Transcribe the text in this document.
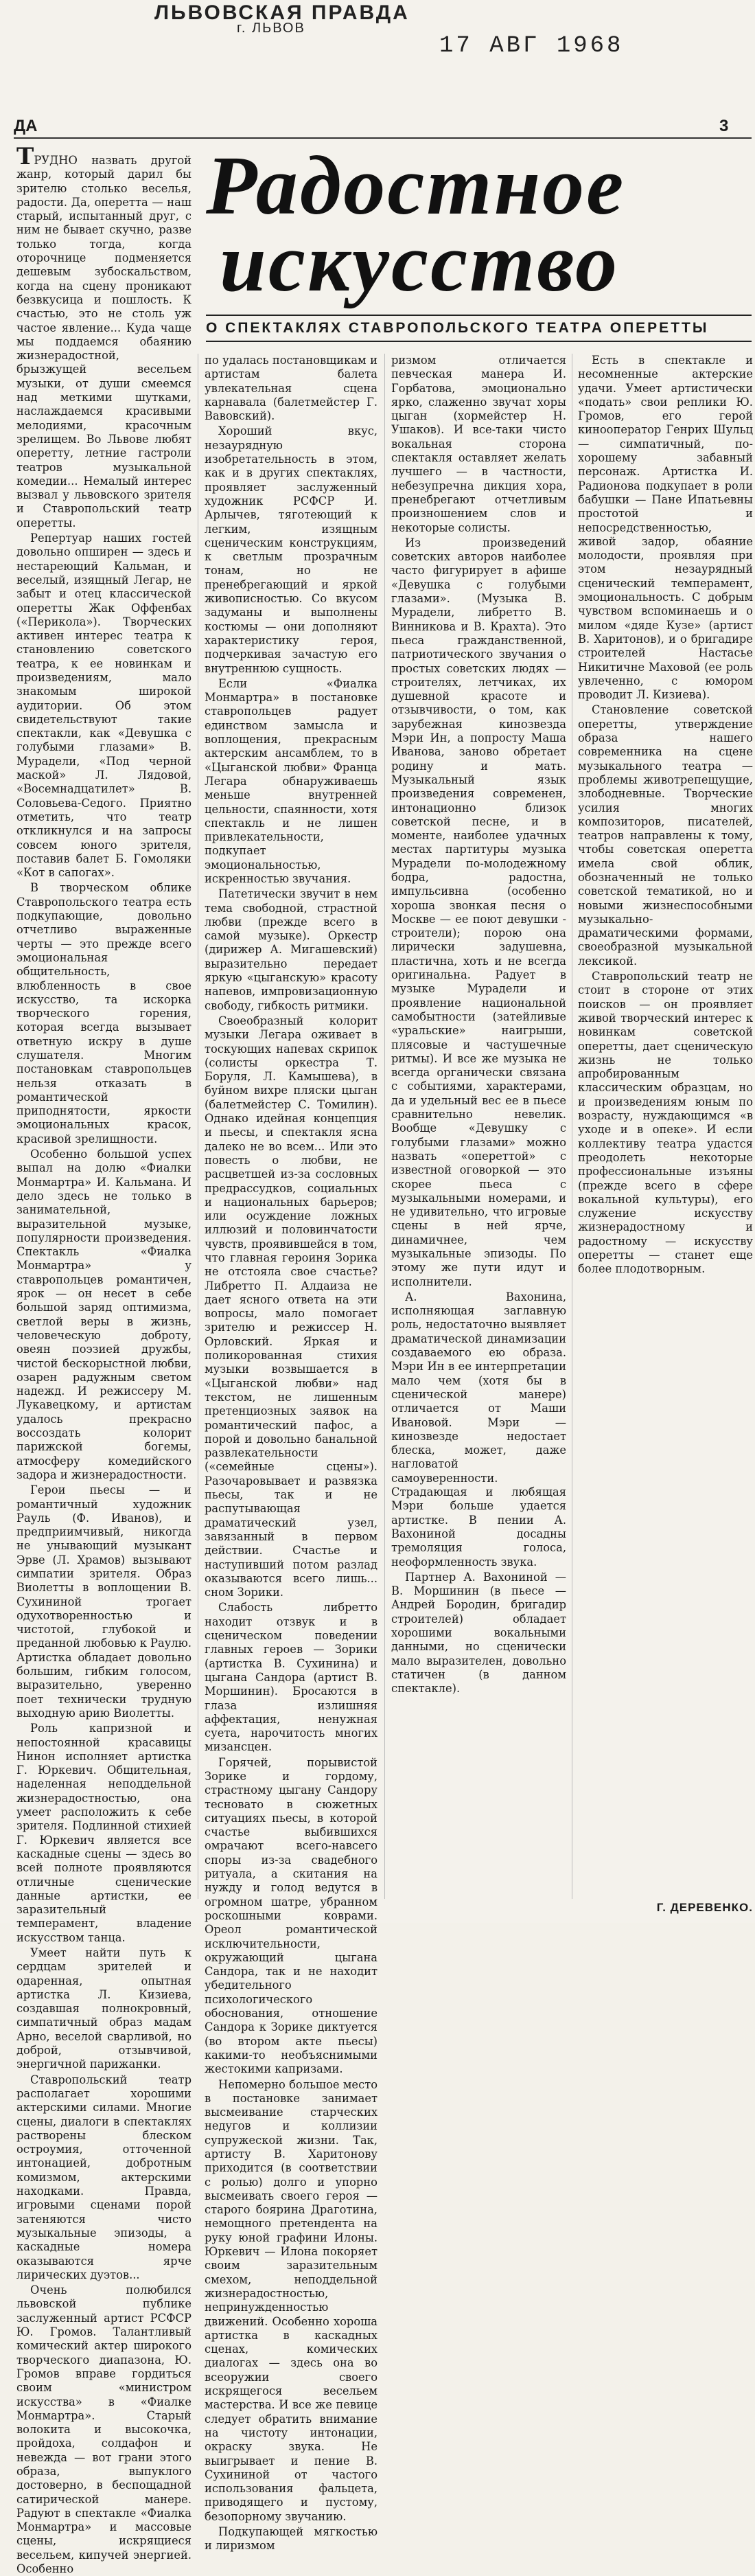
ЛЬВОВСКАЯ ПРАВДА
г. ЛЬВОВ
17 АВГ 1968
ДА	3
Радостное
искусство
О СПЕКТАКЛЯХ СТАВРОПОЛЬСКОГО ТЕАТРА ОПЕРЕТТЫ

ТРУДНО назвать другой жанр, который дарил бы зрителю столько веселья, радости. Да, оперетта — наш старый, испытанный друг, с ним не бывает скучно, разве только тогда, когда оторочнице подменяется дешевым зубоскальством, когда на сцену проникают безвкусица и пошлость. К счастью, это не столь уж частое явление... Куда чаще мы поддаемся обаянию жизнерадостной, брызжущей весельем музыки, от души смеемся над меткими шутками, наслаждаемся красивыми мелодиями, красочным зрелищем. Во Львове любят оперетту, летние гастроли театров музыкальной комедии... Немалый интерес вызвал у львовского зрителя и Ставропольский театр оперетты.

Репертуар наших гостей довольно опширен — здесь и нестареющий Кальман, и веселый, изящный Легар, не забыт и отец классической оперетты Жак Оффенбах («Перикола»). Творческих активен интерес театра к становлению советского театра, к ее новинкам и произведениям, мало знакомым широкой аудитории. Об этом свидетельствуют такие спектакли, как «Девушка с голубыми глазами» В. Мурадели, «Под черной маской» Л. Лядовой, «Восемнадцатилет» В. Соловьева-Седого. Приятно отметить, что театр откликнулся и на запросы совсем юного зрителя, поставив балет Б. Гомоляки «Кот в сапогах».

В творческом облике Ставропольского театра есть подкупающие, довольно отчетливо выраженные черты — это прежде всего эмоциональная общительность, влюбленность в свое искусство, та искорка творческого горения, которая всегда вызывает ответную искру в душе слушателя. Многим постановкам ставропольцев нельзя отказать в романтической приподнятости, яркости эмоциональных красок, красивой зрелищности.

Особенно большой успех выпал на долю «Фиалки Монмартра» И. Кальмана. И дело здесь не только в занимательной, выразительной музыке, популярности произведения. Спектакль «Фиалка Монмартра» у ставропольцев романтичен, ярок — он несет в себе большой заряд оптимизма, светлой веры в жизнь, человеческую доброту, овеян поэзией дружбы, чистой бескорыстной любви, озарен радужным светом надежд. И режиссеру М. Лукавецкому, и артистам удалось прекрасно воссоздать колорит парижской богемы, атмосферу комедийского задора и жизнерадостности.

Герои пьесы — и романтичный художник Рауль (Ф. Иванов), и предприимчивый, никогда не унывающий музыкант Эрве (Л. Храмов) вызывают симпатии зрителя. Образ Виолетты в воплощении В. Сухининой трогает одухотворенностью и чистотой, глубокой и преданной любовью к Раулю. Артистка обладает довольно большим, гибким голосом, выразительно, уверенно поет технически трудную выходную арию Виолетты.

Роль капризной и непостоянной красавицы Нинон исполняет артистка Г. Юркевич. Общительная, наделенная неподдельной жизнерадостностью, она умеет расположить к себе зрителя. Подлинной стихией Г. Юркевич является все каскадные сцены — здесь во всей полноте проявляются отличные сценические данные артистки, ее заразительный темперамент, владение искусством танца.

Умеет найти путь к сердцам зрителей и одаренная, опытная артистка Л. Кизиева, создавшая полнокровный, симпатичный образ мадам Арно, веселой сварливой, но доброй, отзывчивой, энергичной парижанки.

Ставропольский театр располагает хорошими актерскими силами. Многие сцены, диалоги в спектаклях растворены блеском остроумия, отточенной интонацией, добротным комизмом, актерскими находками. Правда, игровыми сценами порой затеняются чисто музыкальные эпизоды, а каскадные номера оказываются ярче лирических дуэтов...

Очень полюбился львовской публике заслуженный артист РСФСР Ю. Громов. Талантливый комический актер широкого творческого диапазона, Ю. Громов вправе гордиться своим «министром искусства» в «Фиалке Монмартра». Старый волокита и высокочка, пройдоха, солдафон и невежда — вот грани этого образа, выпуклого достоверно, в беспощадной сатирической манере. Радуют в спектакле «Фиалка Монмартра» и массовые сцены, искрящиеся весельем, кипучей энергией. Особенно

по удалась постановщикам и артистам балета увлекательная сцена карнавала (балетмейстер Г. Вавовский).

Хороший вкус, незаурядную изобретательность в этом, как и в других спектаклях, проявляет заслуженный художник РСФСР И. Арлычев, тяготеющий к легким, изящным сценическим конструкциям, к светлым прозрачным тонам, но не пренебрегающий и яркой живописностью. Со вкусом задуманы и выполнены костюмы — они дополняют характеристику героя, подчеркивая зачастую его внутреннюю сущность.

Если «Фиалка Монмартра» в постановке ставропольцев радует единством замысла и воплощения, прекрасным актерским ансамблем, то в «Цыганской любви» Франца Легара обнаруживаешь меньше внутренней цельности, спаянности, хотя спектакль и не лишен привлекательности, подкупает эмоциональностью, искренностью звучания.

Патетически звучит в нем тема свободной, страстной любви (прежде всего в самой музыке). Оркестр (дирижер А. Мигашевский) выразительно передает яркую «цыганскую» красоту напевов, импровизационную свободу, гибкость ритмики.

Своеобразный колорит музыки Легара оживает в тоскующих напевах скрипок (солисты оркестра Т. Боруля, Л. Камышева), в буйном вихре пляски цыган (балетмейстер С. Томилин). Однако идейная концепция и пьесы, и спектакля ясна далеко не во всем... Или это повесть о любви, не расцветшей из-за сословных предрассудков, социальных и национальных барьеров; или осуждение ложных иллюзий и половинчатости чувств, проявившейся в том, что главная героиня Зорика не отстояла свое счастье? Либретто П. Алдаиза не дает ясного ответа на эти вопросы, мало помогает зрителю и режиссер Н. Орловский. Яркая и поликорованная стихия музыки возвышается в «Цыганской любви» над текстом, не лишенным претенциозных заявок на романтический пафос, а порой и довольно банальной развлекательности («семейные сцены»). Разочаровывает и развязка пьесы, так и не распутывающая драматический узел, завязанный в первом действии. Счастье и наступивший потом разлад оказываются всего лишь... сном Зорики.

Слабость либретто находит отзвук и в сценическом поведении главных героев — Зорики (артистка В. Сухинина) и цыгана Сандора (артист В. Моршинин). Бросаются в глаза излишняя аффектация, ненужная суета, нарочитость многих мизансцен.

Горячей, порывистой Зорике и гордому, страстному цыгану Сандору тесновато в сюжетных ситуациях пьесы, в которой счастье выбившихся омрачают всего-навсего споры из-за свадебного ритуала, а скитания на нужду и голод ведутся в огромном шатре, убранном роскошными коврами. Ореол романтической исключительности, окружающий цыгана Сандора, так и не находит убедительного психологического обоснования, отношение Сандора к Зорике диктуется (во втором акте пьесы) какими-то необъяснимыми жестокими капризами.

Непомерно большое место в постановке занимает высмеивание старческих недугов и коллизии супружеской жизни. Так, артисту В. Харитонову приходится (в соответствии с ролью) долго и упорно высмеивать своего героя — старого боярина Драготина, немощного претендента на руку юной графини Илоны. Юркевич — Илона покоряет своим заразительным смехом, неподдельной жизнерадостностью, непринужденностью движений. Особенно хороша артистка в каскадных сценах, комических диалогах — здесь она во всеоружии своего искрящегося весельем мастерства. И все же певице следует обратить внимание на чистоту интонации, окраску звука. Не выигрывает и пение В. Сухининой от частого использования фальцета, приводящего и пустому, безопорному звучанию.

Подкупающей мягкостью и лиризмом

ризмом отличается певческая манера И. Горбатова, эмоционально ярко, слаженно звучат хоры цыган (хормейстер Н. Ушаков). И все-таки чисто вокальная сторона спектакля оставляет желать лучшего — в частности, небезупречна дикция хора, пренебрегают отчетливым произношением слов и некоторые солисты.

Из произведений советских авторов наиболее часто фигурирует в афише «Девушка с голубыми глазами». (Музыка В. Мурадели, либретто В. Винникова и В. Крахта). Это пьеса гражданственной, патриотического звучания о простых советских людях — строителях, летчиках, их душевной красоте и отзывчивости, о том, как зарубежная кинозвезда Мэри Ин, а попросту Маша Иванова, заново обретает родину и мать. Музыкальный язык произведения современен, интонационно близок советской песне, и в моменте, наиболее удачных местах партитуры музыка Мурадели по-молодежному бодра, радостна, импульсивна (особенно хороша звонкая песня о Москве — ее поют девушки - строители); порою она лирически задушевна, пластична, хоть и не всегда оригинальна. Радует в музыке Мурадели и проявление национальной самобытности (затейливые «уральские» наигрыши, плясовые и частушечные ритмы). И все же музыка не всегда органически связана с событиями, характерами, да и удельный вес ее в пьесе сравнительно невелик. Вообще «Девушку с голубыми глазами» можно назвать «опереттой» с известной оговоркой — это скорее пьеса с музыкальными номерами, и не удивительно, что игровые сцены в ней ярче, динамичнее, чем музыкальные эпизоды. По этому же пути идут и исполнители.

А. Вахонина, исполняющая заглавную роль, недостаточно выявляет драматической динамизации создаваемого ею образа. Мэри Ин в ее интерпретации мало чем (хотя бы в сценической манере) отличается от Маши Ивановой. Мэри — кинозвезде недостает блеска, может, даже нагловатой самоуверенности. Страдающая и любящая Мэри больше удается артистке. В пении А. Вахониной досадны тремоляция голоса, неоформленность звука.

Партнер А. Вахониной — В. Моршинин (в пьесе — Андрей Бородин, бригадир строителей) обладает хорошими вокальными данными, но сценически мало выразителен, довольно статичен (в данном спектакле).

Есть в спектакле и несомненные актерские удачи. Умеет артистически «подать» свои реплики Ю. Громов, его герой кинооператор Генрих Шульц — симпатичный, по-хорошему забавный персонаж. Артистка И. Радионова подкупает в роли бабушки — Пане Ипатьевны простотой и непосредственностью, живой задор, обаяние молодости, проявляя при этом незаурядный сценический темперамент, эмоциональность. С добрым чувством вспоминаешь и о милом «дяде Кузе» (артист В. Харитонов), и о бригадире строителей Настасье Никитичне Маховой (ее роль увлеченно, с юмором проводит Л. Кизиева).

Становление советской оперетты, утверждение образа нашего современника на сцене музыкального театра — проблемы животрепещущие, злободневные. Творческие усилия многих композиторов, писателей, театров направлены к тому, чтобы советская оперетта имела свой облик, обозначенный не только советской тематикой, но и новыми жизнеспособными музыкально-драматическими формами, своеобразной музыкальной лексикой.

Ставропольский театр не стоит в стороне от этих поисков — он проявляет живой творческий интерес к новинкам советской оперетты, дает сценическую жизнь не только апробированным классическим образцам, но и произведениям юным по возрасту, нуждающимся «в уходе и в опеке». И если коллективу театра удастся преодолеть некоторые профессиональные изъяны (прежде всего в сфере вокальной культуры), его служение искусству жизнерадостному и радостному — искусству оперетты — станет еще более плодотворным.

Г. ДЕРЕВЕНКО.
